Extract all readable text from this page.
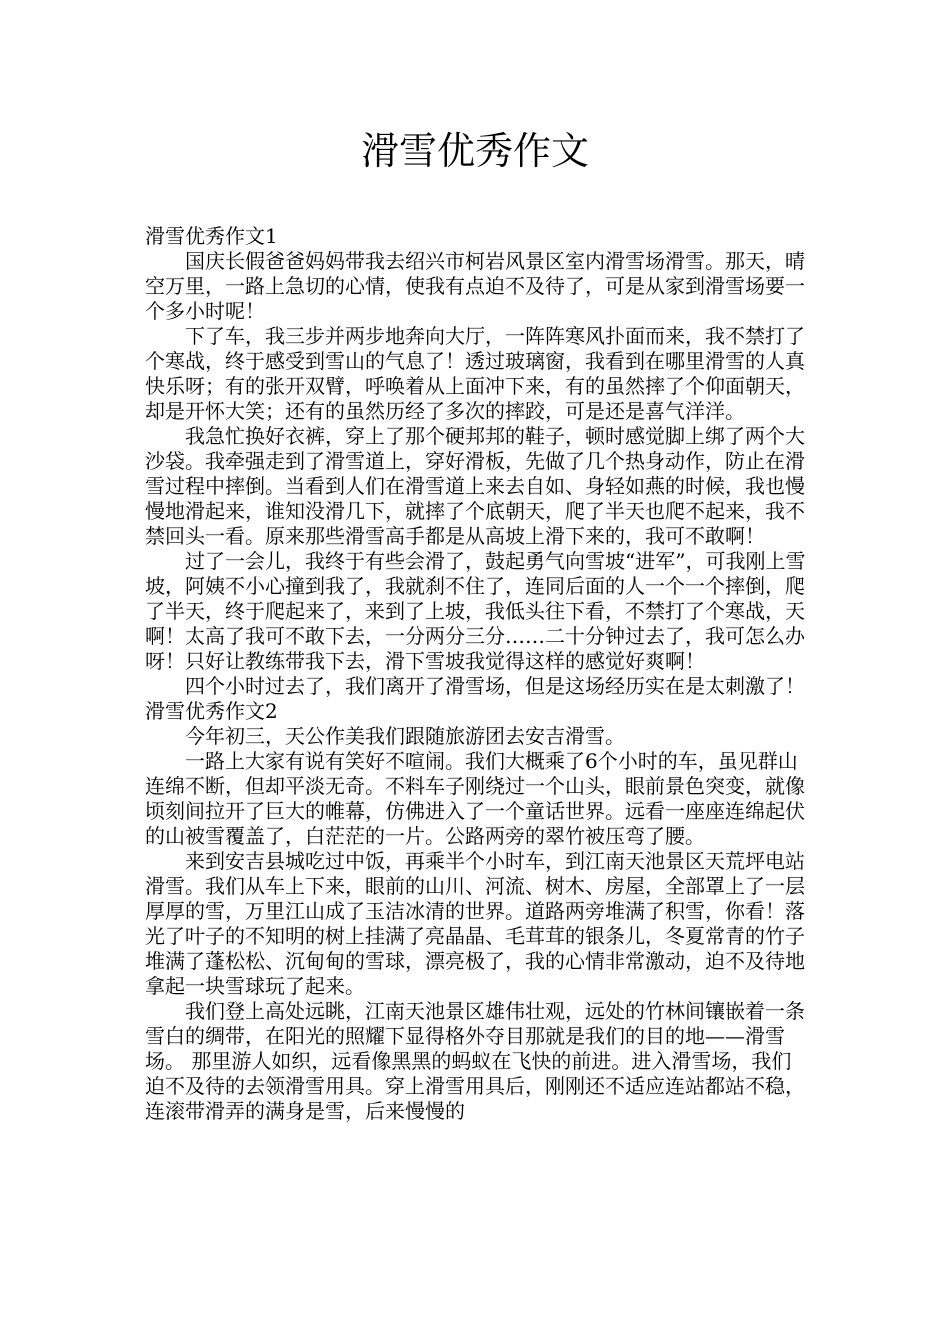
滑雪优秀作文

滑雪优秀作文1

国庆长假爸爸妈妈带我去绍兴市柯岩风景区室内滑雪场滑雪。那天，晴空万里，一路上急切的心情，使我有点迫不及待了，可是从家到滑雪场要一个多小时呢！

下了车，我三步并两步地奔向大厅，一阵阵寒风扑面而来，我不禁打了个寒战，终于感受到雪山的气息了！透过玻璃窗，我看到在哪里滑雪的人真快乐呀；有的张开双臂，呼唤着从上面冲下来，有的虽然摔了个仰面朝天，却是开怀大笑；还有的虽然历经了多次的摔跤，可是还是喜气洋洋。

我急忙换好衣裤，穿上了那个硬邦邦的鞋子，顿时感觉脚上绑了两个大沙袋。我牵强走到了滑雪道上，穿好滑板，先做了几个热身动作，防止在滑雪过程中摔倒。当看到人们在滑雪道上来去自如、身轻如燕的时候，我也慢慢地滑起来，谁知没滑几下，就摔了个底朝天，爬了半天也爬不起来，我不禁回头一看。原来那些滑雪高手都是从高坡上滑下来的，我可不敢啊！

过了一会儿，我终于有些会滑了，鼓起勇气向雪坡“进军”，可我刚上雪坡，阿姨不小心撞到我了，我就刹不住了，连同后面的人一个一个摔倒，爬了半天，终于爬起来了，来到了上坡，我低头往下看，不禁打了个寒战，天啊！太高了我可不敢下去，一分两分三分……二十分钟过去了，我可怎么办呀！只好让教练带我下去，滑下雪坡我觉得这样的感觉好爽啊！

四个小时过去了，我们离开了滑雪场，但是这场经历实在是太刺激了！滑雪优秀作文2

今年初三，天公作美我们跟随旅游团去安吉滑雪。

一路上大家有说有笑好不喧闹。我们大概乘了6个小时的车，虽见群山连绵不断，但却平淡无奇。不料车子刚绕过一个山头，眼前景色突变，就像顷刻间拉开了巨大的帷幕，仿佛进入了一个童话世界。远看一座座连绵起伏的山被雪覆盖了，白茫茫的一片。公路两旁的翠竹被压弯了腰。

来到安吉县城吃过中饭，再乘半个小时车，到江南天池景区天荒坪电站滑雪。我们从车上下来，眼前的山川、河流、树木、房屋，全部罩上了一层厚厚的雪，万里江山成了玉洁冰清的世界。道路两旁堆满了积雪，你看！落光了叶子的不知明的树上挂满了亮晶晶、毛茸茸的银条儿，冬夏常青的竹子堆满了蓬松松、沉甸甸的雪球，漂亮极了，我的心情非常激动，迫不及待地拿起一块雪球玩了起来。

我们登上高处远眺，江南天池景区雄伟壮观，远处的竹林间镶嵌着一条雪白的绸带，在阳光的照耀下显得格外夺目那就是我们的目的地——滑雪场。 那里游人如织，远看像黑黑的蚂蚁在飞快的前进。进入滑雪场，我们迫不及待的去领滑雪用具。穿上滑雪用具后，刚刚还不适应连站都站不稳，连滚带滑弄的满身是雪，后来慢慢的
